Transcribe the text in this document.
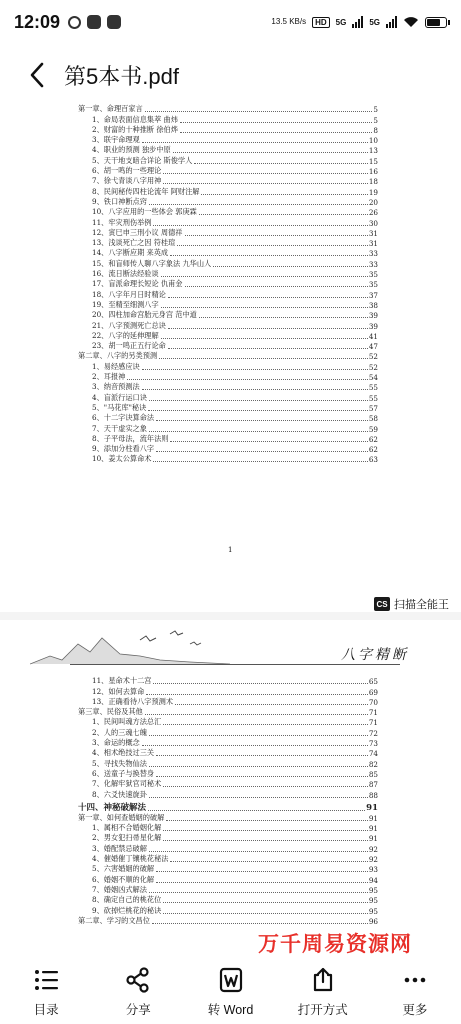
12:09	13.5 KB/s	HD	5G	5G
第5本书.pdf
第一章、命理百家言	5
1、命局表面信息集萃 曲炜	5
2、财富的十种推断 徐伯烨	8
3、联宇命理观	10
4、职业的预测 独步中原	13
5、天干地支暗合详论 斯俊学人	15
6、胡一鸣的一些理论	16
7、徐弋青谈八字用神	18
8、民间秘传四柱论流年 阿财注解	19
9、铁口神断点窍	20
10、八字应用的一些体会 郭庚霖	26
11、牢灾刑伤举例	30
12、寅巳申三刑小议 周德祥	31
13、浅谈死亡之因 符桂瑄	31
14、八字断应期 来英成	33
15、和盲师传人聊八字象法 九华山人	33
16、流日断法经验谈	35
17、盲派命理长短论 仇甫金	35
18、八字年月日时精论	37
19、至精至细测八字	38
20、四柱加命宫胎元身宫 范中道	39
21、八字预测死亡总诀	39
22、八字的延伸理解	41
23、胡一鸣正五行论命	47
第二章、八字的另类预测	52
1、易经感应诀	52
2、耳报神	54
3、纳音预测法	55
4、盲派行运口诀	55
5、"马花库"秘诀	57
6、十二字诀算命法	58
7、天干虚实之象	59
8、子平母法，流年法则	62
9、添加分柱看八字	62
10、姜太公算命术	63
1
CS 扫描全能王
八字精断
11、星命术十二宫	65
12、如何去算命	69
13、正确看待八字预测术	70
第三章、民俗及其他	71
1、民间叫魂方法总汇	71
2、人的三魂七魄	72
3、命运的概念	73
4、相术绝技过三关	74
5、寻找失物仙法	82
6、送童子与换替身	85
7、化解牢狱官司秘术	87
8、六爻快速旋卦	88
十四、神秘破解法	91
第一章、如何查婚姻的破解	91
1、属相不合婚姻化解	91
2、男女犯扫帚星化解	91
3、婚配禁忌破解	92
4、催婚催丁镶桃花秘法	92
5、六害婚姻的破解	93
6、婚姻不顺的化解	94
7、婚姻凶式解法	95
8、确定自己的桃花位	95
9、砍掉烂桃花的秘诀	95
第二章、学习的文昌位	96
万千周易资源网
目录	分享	转 Word	打开方式	更多
